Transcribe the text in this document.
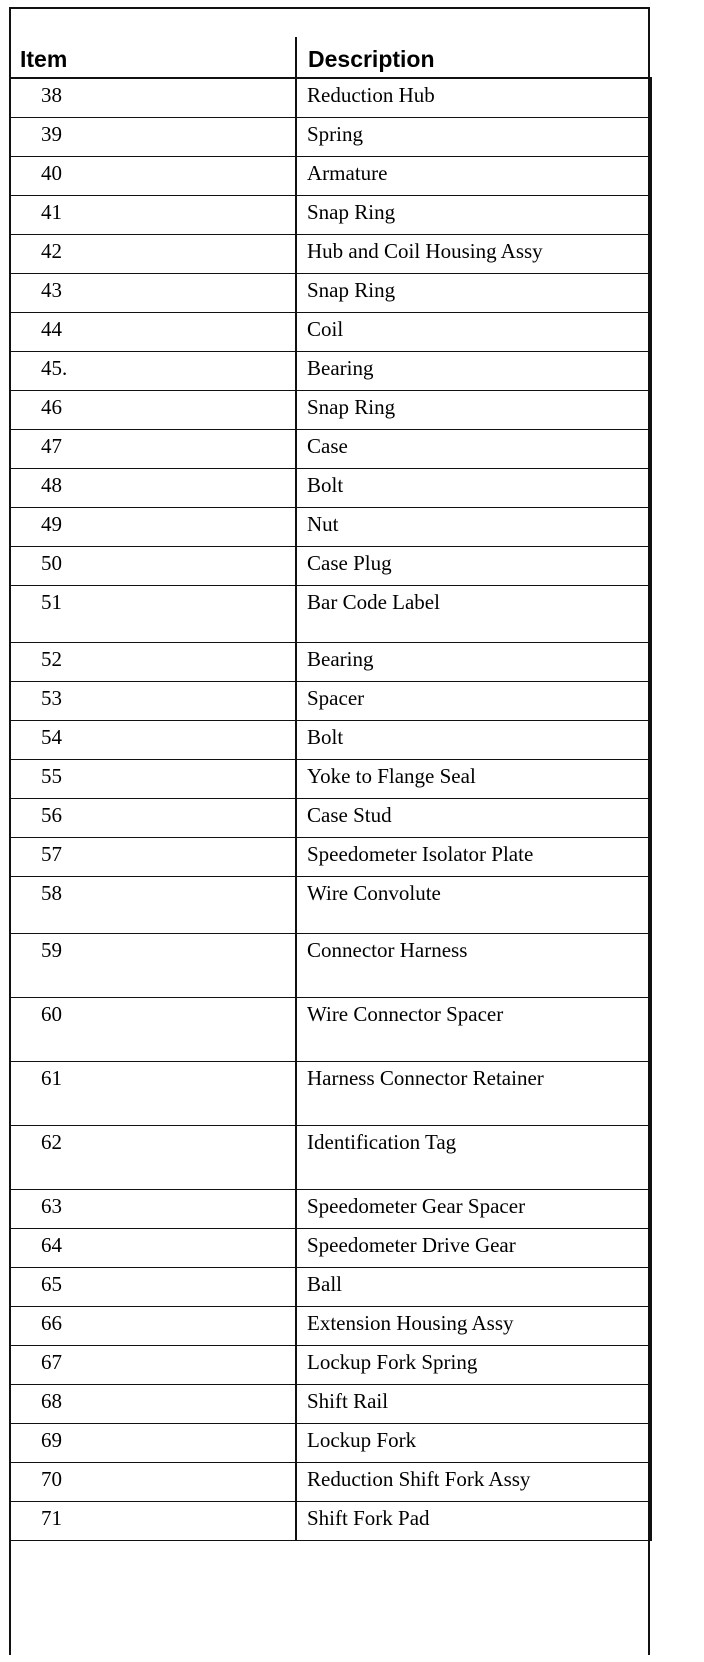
Item	Description
38	Reduction Hub
39	Spring
40	Armature
41	Snap Ring
42	Hub and Coil Housing Assy
43	Snap Ring
44	Coil
45.	Bearing
46	Snap Ring
47	Case
48	Bolt
49	Nut
50	Case Plug
51	Bar Code Label
52	Bearing
53	Spacer
54	Bolt
55	Yoke to Flange Seal
56	Case Stud
57	Speedometer Isolator Plate
58	Wire Convolute
59	Connector Harness
60	Wire Connector Spacer
61	Harness Connector Retainer
62	Identification Tag
63	Speedometer Gear Spacer
64	Speedometer Drive Gear
65	Ball
66	Extension Housing Assy
67	Lockup Fork Spring
68	Shift Rail
69	Lockup Fork
70	Reduction Shift Fork Assy
71	Shift Fork Pad
